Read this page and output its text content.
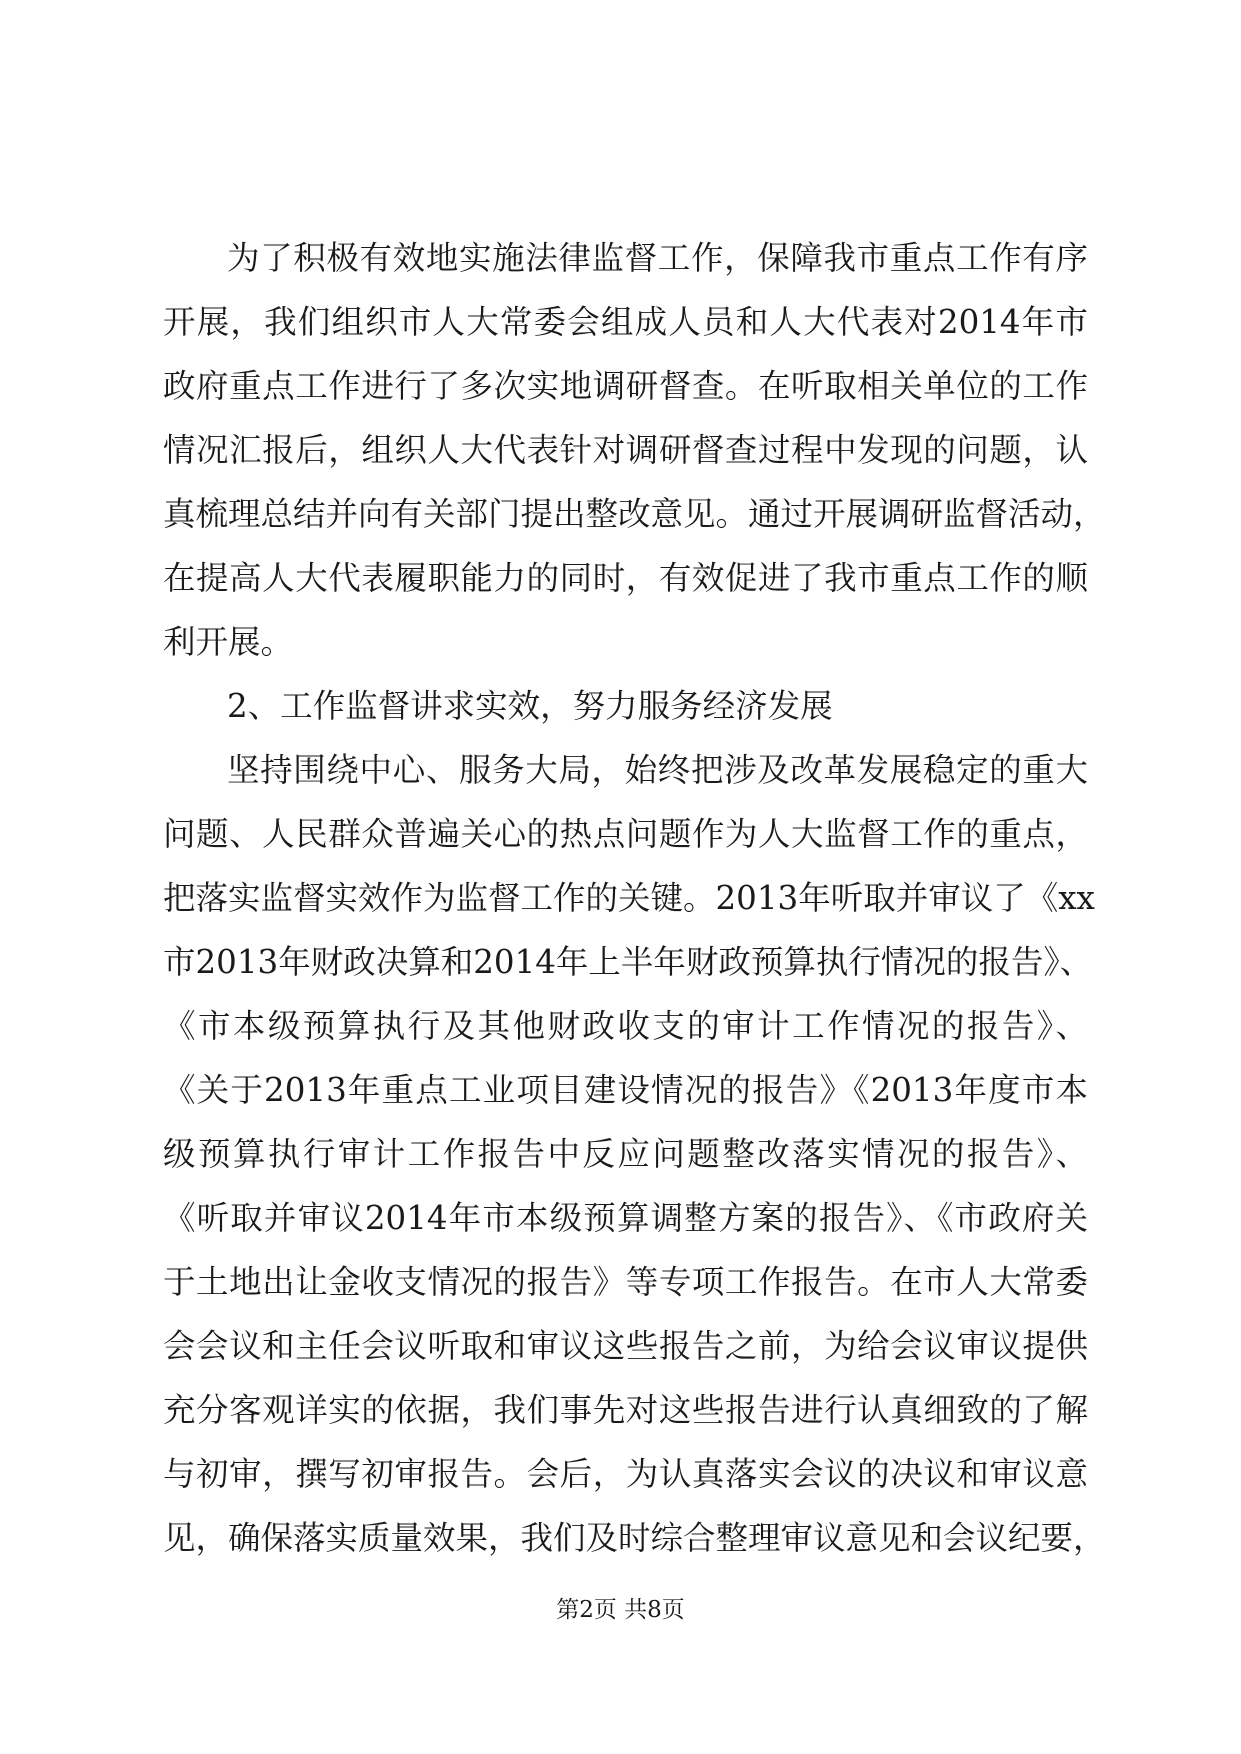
为了积极有效地实施法律监督工作，保障我市重点工作有序
开展，我们组织市人大常委会组成人员和人大代表对2014年市
政府重点工作进行了多次实地调研督查。在听取相关单位的工作
情况汇报后，组织人大代表针对调研督查过程中发现的问题，认
真梳理总结并向有关部门提出整改意见。通过开展调研监督活动，
在提高人大代表履职能力的同时，有效促进了我市重点工作的顺
利开展。
2、工作监督讲求实效，努力服务经济发展
坚持围绕中心、服务大局，始终把涉及改革发展稳定的重大
问题、人民群众普遍关心的热点问题作为人大监督工作的重点，
把落实监督实效作为监督工作的关键。2013年听取并审议了《xx
市2013年财政决算和2014年上半年财政预算执行情况的报告》、
《市本级预算执行及其他财政收支的审计工作情况的报告》、
《关于2013年重点工业项目建设情况的报告》《2013年度市本
级预算执行审计工作报告中反应问题整改落实情况的报告》、
《听取并审议2014年市本级预算调整方案的报告》、《市政府关
于土地出让金收支情况的报告》等专项工作报告。在市人大常委
会会议和主任会议听取和审议这些报告之前，为给会议审议提供
充分客观详实的依据，我们事先对这些报告进行认真细致的了解
与初审，撰写初审报告。会后，为认真落实会议的决议和审议意
见，确保落实质量效果，我们及时综合整理审议意见和会议纪要，
第2页 共8页
